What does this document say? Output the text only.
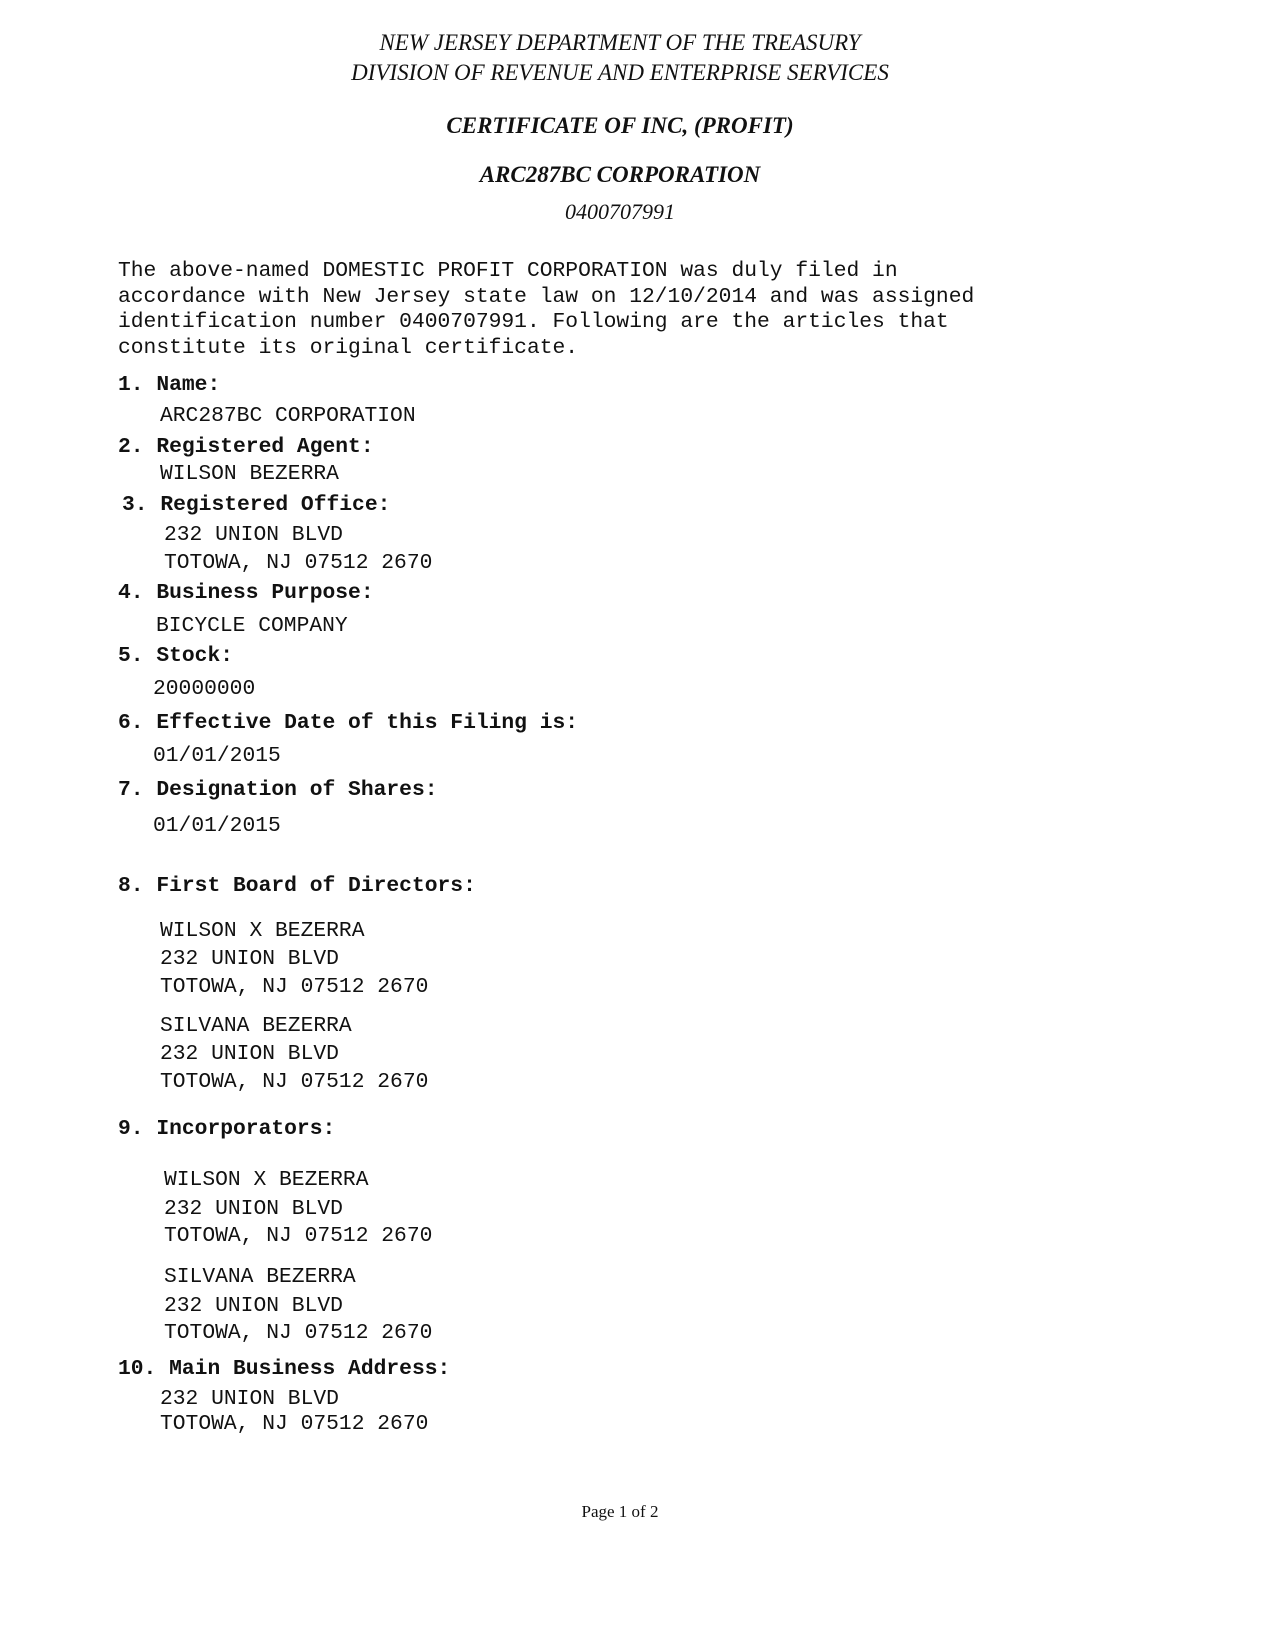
NEW JERSEY DEPARTMENT OF THE TREASURY
DIVISION OF REVENUE AND ENTERPRISE SERVICES
CERTIFICATE OF INC, (PROFIT)
ARC287BC CORPORATION
0400707991
The above-named DOMESTIC PROFIT CORPORATION was duly filed in
accordance with New Jersey state law on 12/10/2014 and was assigned
identification number 0400707991. Following are the articles that
constitute its original certificate.
1. Name:
ARC287BC CORPORATION
2. Registered Agent:
WILSON BEZERRA
3. Registered Office:
232 UNION BLVD
TOTOWA, NJ 07512 2670
4. Business Purpose:
BICYCLE COMPANY
5. Stock:
20000000
6. Effective Date of this Filing is:
01/01/2015
7. Designation of Shares:
01/01/2015
8. First Board of Directors:
WILSON X BEZERRA
232 UNION BLVD
TOTOWA, NJ 07512 2670
SILVANA BEZERRA
232 UNION BLVD
TOTOWA, NJ 07512 2670
9. Incorporators:
WILSON X BEZERRA
232 UNION BLVD
TOTOWA, NJ 07512 2670
SILVANA BEZERRA
232 UNION BLVD
TOTOWA, NJ 07512 2670
10. Main Business Address:
232 UNION BLVD
TOTOWA, NJ 07512 2670
Page 1 of 2
